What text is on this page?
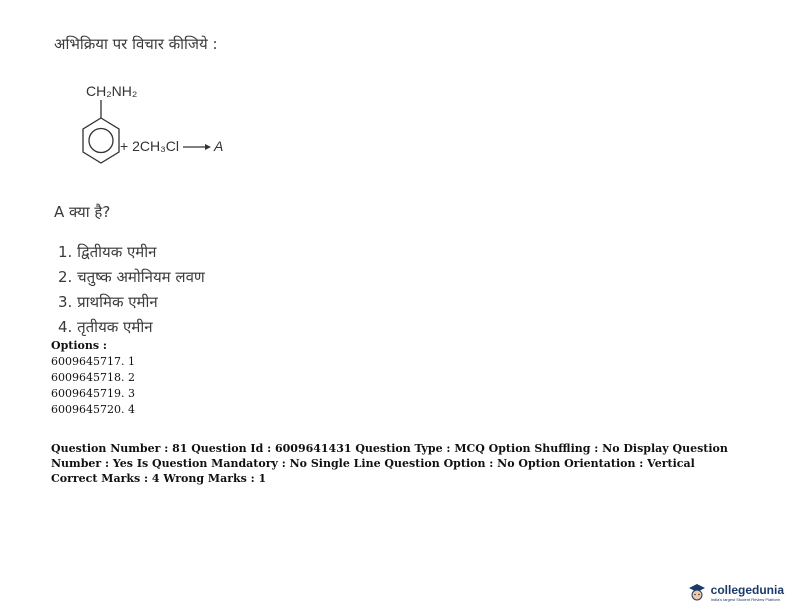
अभिक्रिया पर विचार कीजिये :
CH₂NH₂
+ 2CH₃Cl	A
A क्या है?
1. द्वितीयक एमीन
2. चतुष्क अमोनियम लवण
3. प्राथमिक एमीन
4. तृतीयक एमीन
Options :
6009645717. 1
6009645718. 2
6009645719. 3
6009645720. 4
Question Number : 81 Question Id : 6009641431 Question Type : MCQ Option Shuffling : No Display Question Number : Yes Is Question Mandatory : No Single Line Question Option : No Option Orientation : Vertical
Correct Marks : 4 Wrong Marks : 1
collegedunia
India's largest Student Review Platform
